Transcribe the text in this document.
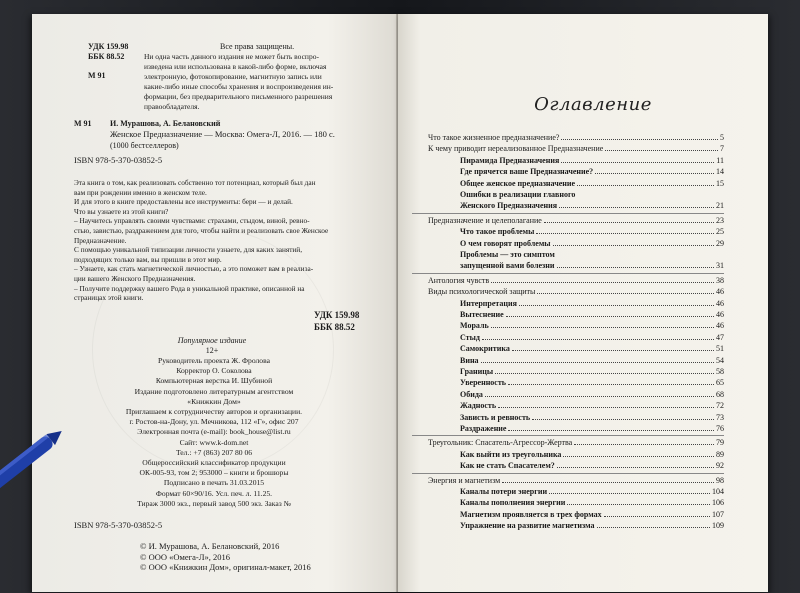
УДК 159.98
ББК 88.52
М 91
Все права защищены.
Ни одна часть данного издания не может быть воспро-
изведена или использована в какой-либо форме, включая
электронную, фотокопирование, магнитную запись или
какие-либо иные способы хранения и воспроизведения ин-
формации, без предварительного письменного разрешения
правообладателя.
М 91 И. Мурашова, А. Белановский
Женское Предназначение — Москва: Омега-Л, 2016. — 180 с.
(1000 бестселлеров)
ISBN 978-5-370-03852-5
Эта книга о том, как реализовать собственно тот потенциал, который был дан
вам при рождении именно в женском теле.
И для этого в книге предоставлены все инструменты: бери — и делай.
Что вы узнаете из этой книги?
– Научитесь управлять своими чувствами: страхами, стыдом, виной, ревно-
стью, завистью, раздражением для того, чтобы найти и реализовать свое Женское
Предназначение.
С помощью уникальной типизации личности узнаете, для каких занятий,
подходящих только вам, вы пришли в этот мир.
– Узнаете, как стать магнетической личностью, а это поможет вам в реализа-
ции вашего Женского Предназначения.
– Получите поддержку вашего Рода в уникальной практике, описанной на
страницах этой книги.
УДК 159.98
ББК 88.52
Популярное издание
12+
Руководитель проекта Ж. Фролова
Корректор О. Соколова
Компьютерная верстка И. Шубиной
Издание подготовлено литературным агентством
«Книжкин Дом»
Приглашаем к сотрудничеству авторов и организации.
г. Ростов-на-Дону, ул. Мечникова, 112 «Г», офис 207
Электронная почта (e-mail): book_house@list.ru
Сайт: www.k-dom.net
Тел.: +7 (863) 207 80 06
Общероссийский классификатор продукции
ОК-005-93, том 2; 953000 – книги и брошюры
Подписано в печать 31.03.2015
Формат 60×90/16. Усл. печ. л. 11.25.
Тираж 3000 экз., первый завод 500 экз. Заказ №
ISBN 978-5-370-03852-5
© И. Мурашова, А. Белановский, 2016
© ООО «Омега-Л», 2016
© ООО «Книжкин Дом», оригинал-макет, 2016
Оглавление
Что такое жизненное предназначение?	5
К чему приводит нереализованное Предназначение	7
Пирамида Предназначения	11
Где прячется ваше Предназначение?	14
Общее женское предназначение	15
Ошибки в реализации главного
Женского Предназначения	21
Предназначение и целеполагание	23
Что такое проблемы	25
О чем говорят проблемы	29
Проблемы — это симптом
запущенной вами болезни	31
Антология чувств	38
Виды психологической защиты	46
Интерпретация	46
Вытеснение	46
Мораль	46
Стыд	47
Самокритика	51
Вина	54
Границы	58
Уверенность	65
Обида	68
Жадность	72
Зависть и ревность	73
Раздражение	76
Треугольник: Спасатель-Агрессор-Жертва	79
Как выйти из треугольника	89
Как не стать Спасателем?	92
Энергия и магнетизм	98
Каналы потери энергии	104
Каналы пополнения энергии	106
Магнетизм проявляется в трех формах	107
Упражнение на развитие магнетизма	109
